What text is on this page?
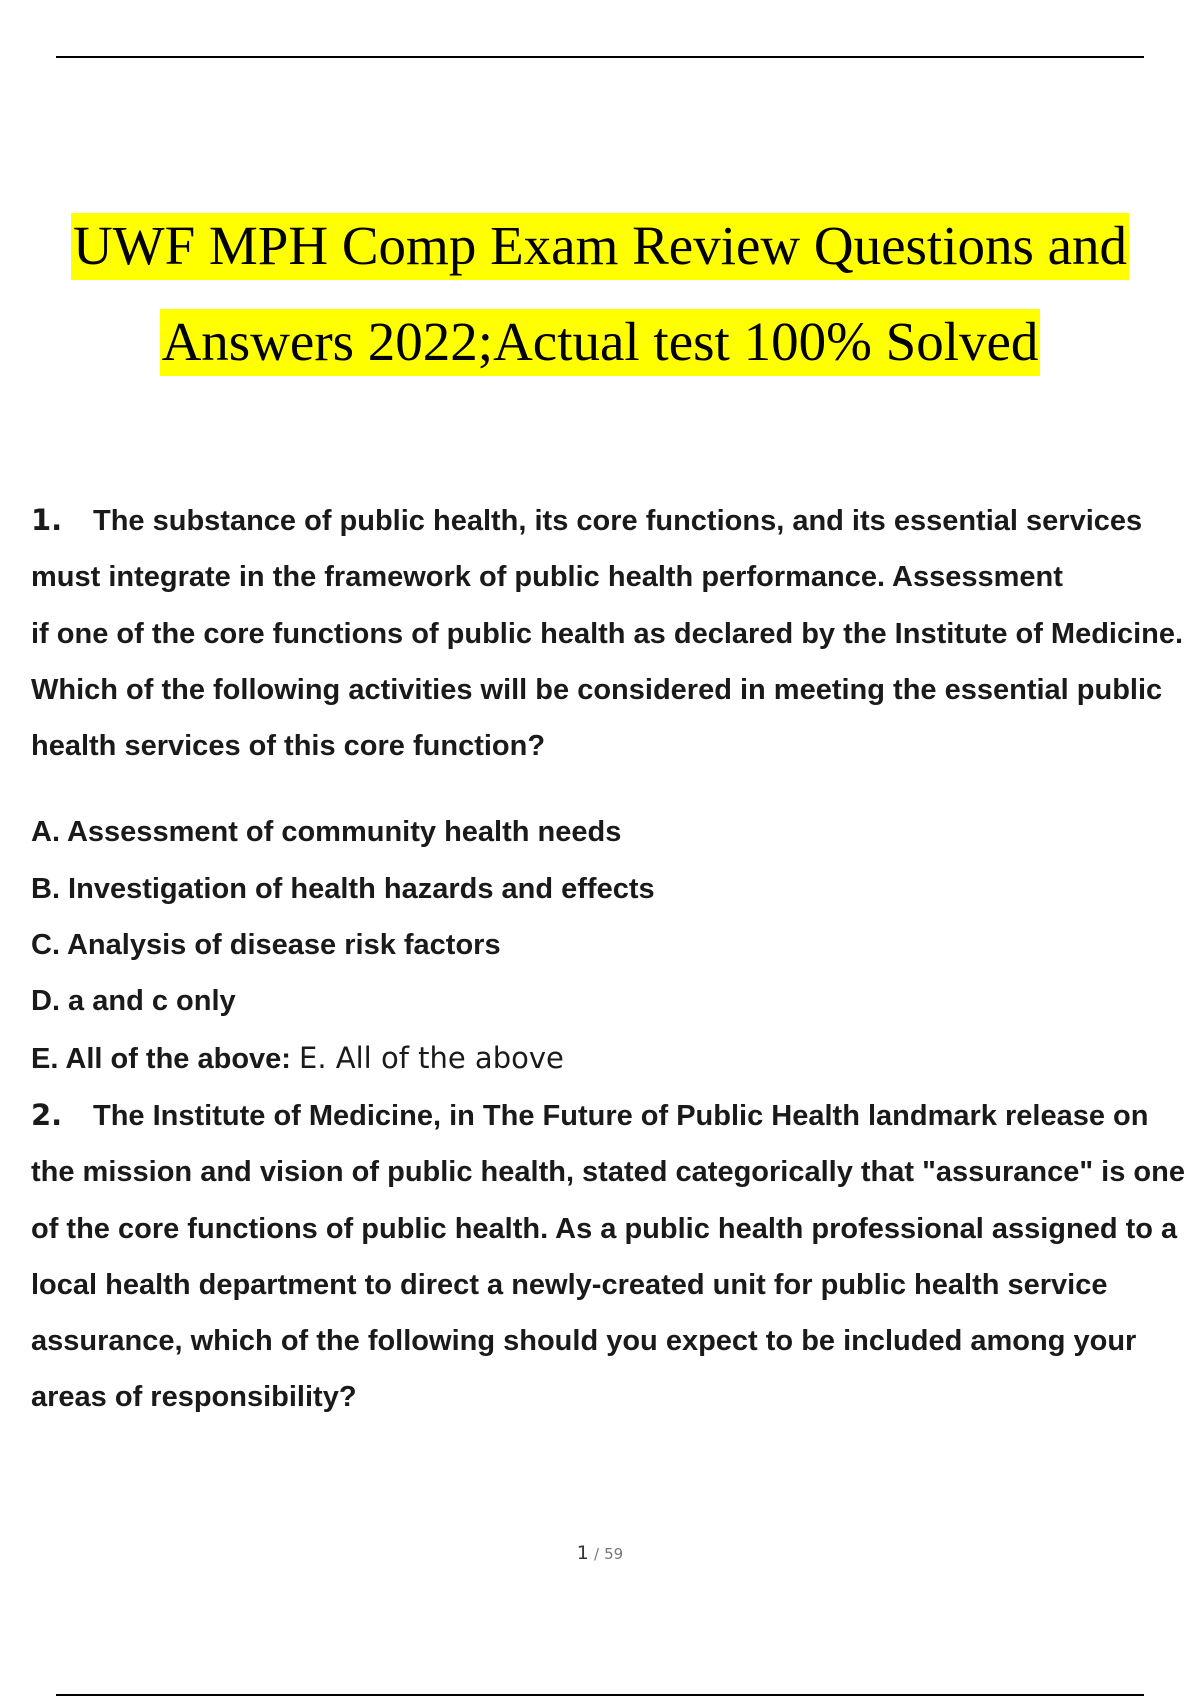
UWF MPH Comp Exam Review Questions and
Answers 2022;Actual test 100% Solved

1. The substance of public health, its core functions, and its essential services must integrate in the framework of public health performance. Assessment

if one of the core functions of public health as declared by the Institute of Medicine. Which of the following activities will be considered in meeting the essential public health services of this core function?

A. Assessment of community health needs

B. Investigation of health hazards and effects

C. Analysis of disease risk factors

D. a and c only

E. All of the above: E. All of the above

2. The Institute of Medicine, in The Future of Public Health landmark release on the mission and vision of public health, stated categorically that "assurance" is one of the core functions of public health. As a public health professional assigned to a local health department to direct a newly-created unit for public health service assurance, which of the following should you expect to be included among your areas of responsibility?

1 / 59
